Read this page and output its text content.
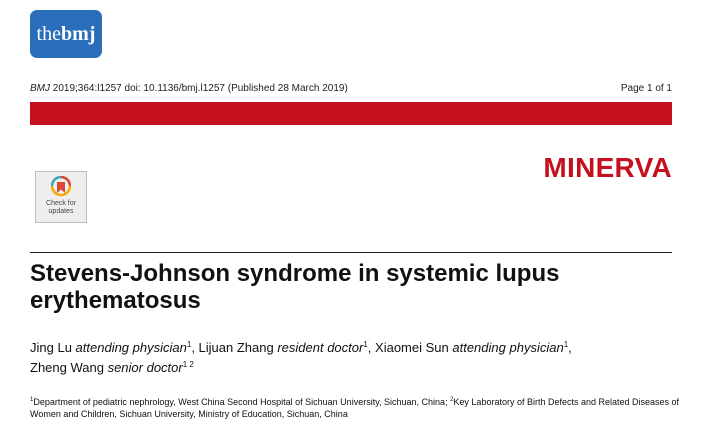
the bmj
BMJ 2019;364:l1257 doi: 10.1136/bmj.l1257 (Published 28 March 2019)	Page 1 of 1
MINERVA
Check for
updates
Stevens-Johnson syndrome in systemic lupus erythematosus
Jing Lu attending physician$^1$, Lijuan Zhang resident doctor$^1$, Xiaomei Sun attending physician$^1$,
Zheng Wang senior doctor$^{1 2}$
$^1$Department of pediatric nephrology, West China Second Hospital of Sichuan University, Sichuan, China; $^2$Key Laboratory of Birth Defects and Related Diseases of Women and Children, Sichuan University, Ministry of Education, Sichuan, China
